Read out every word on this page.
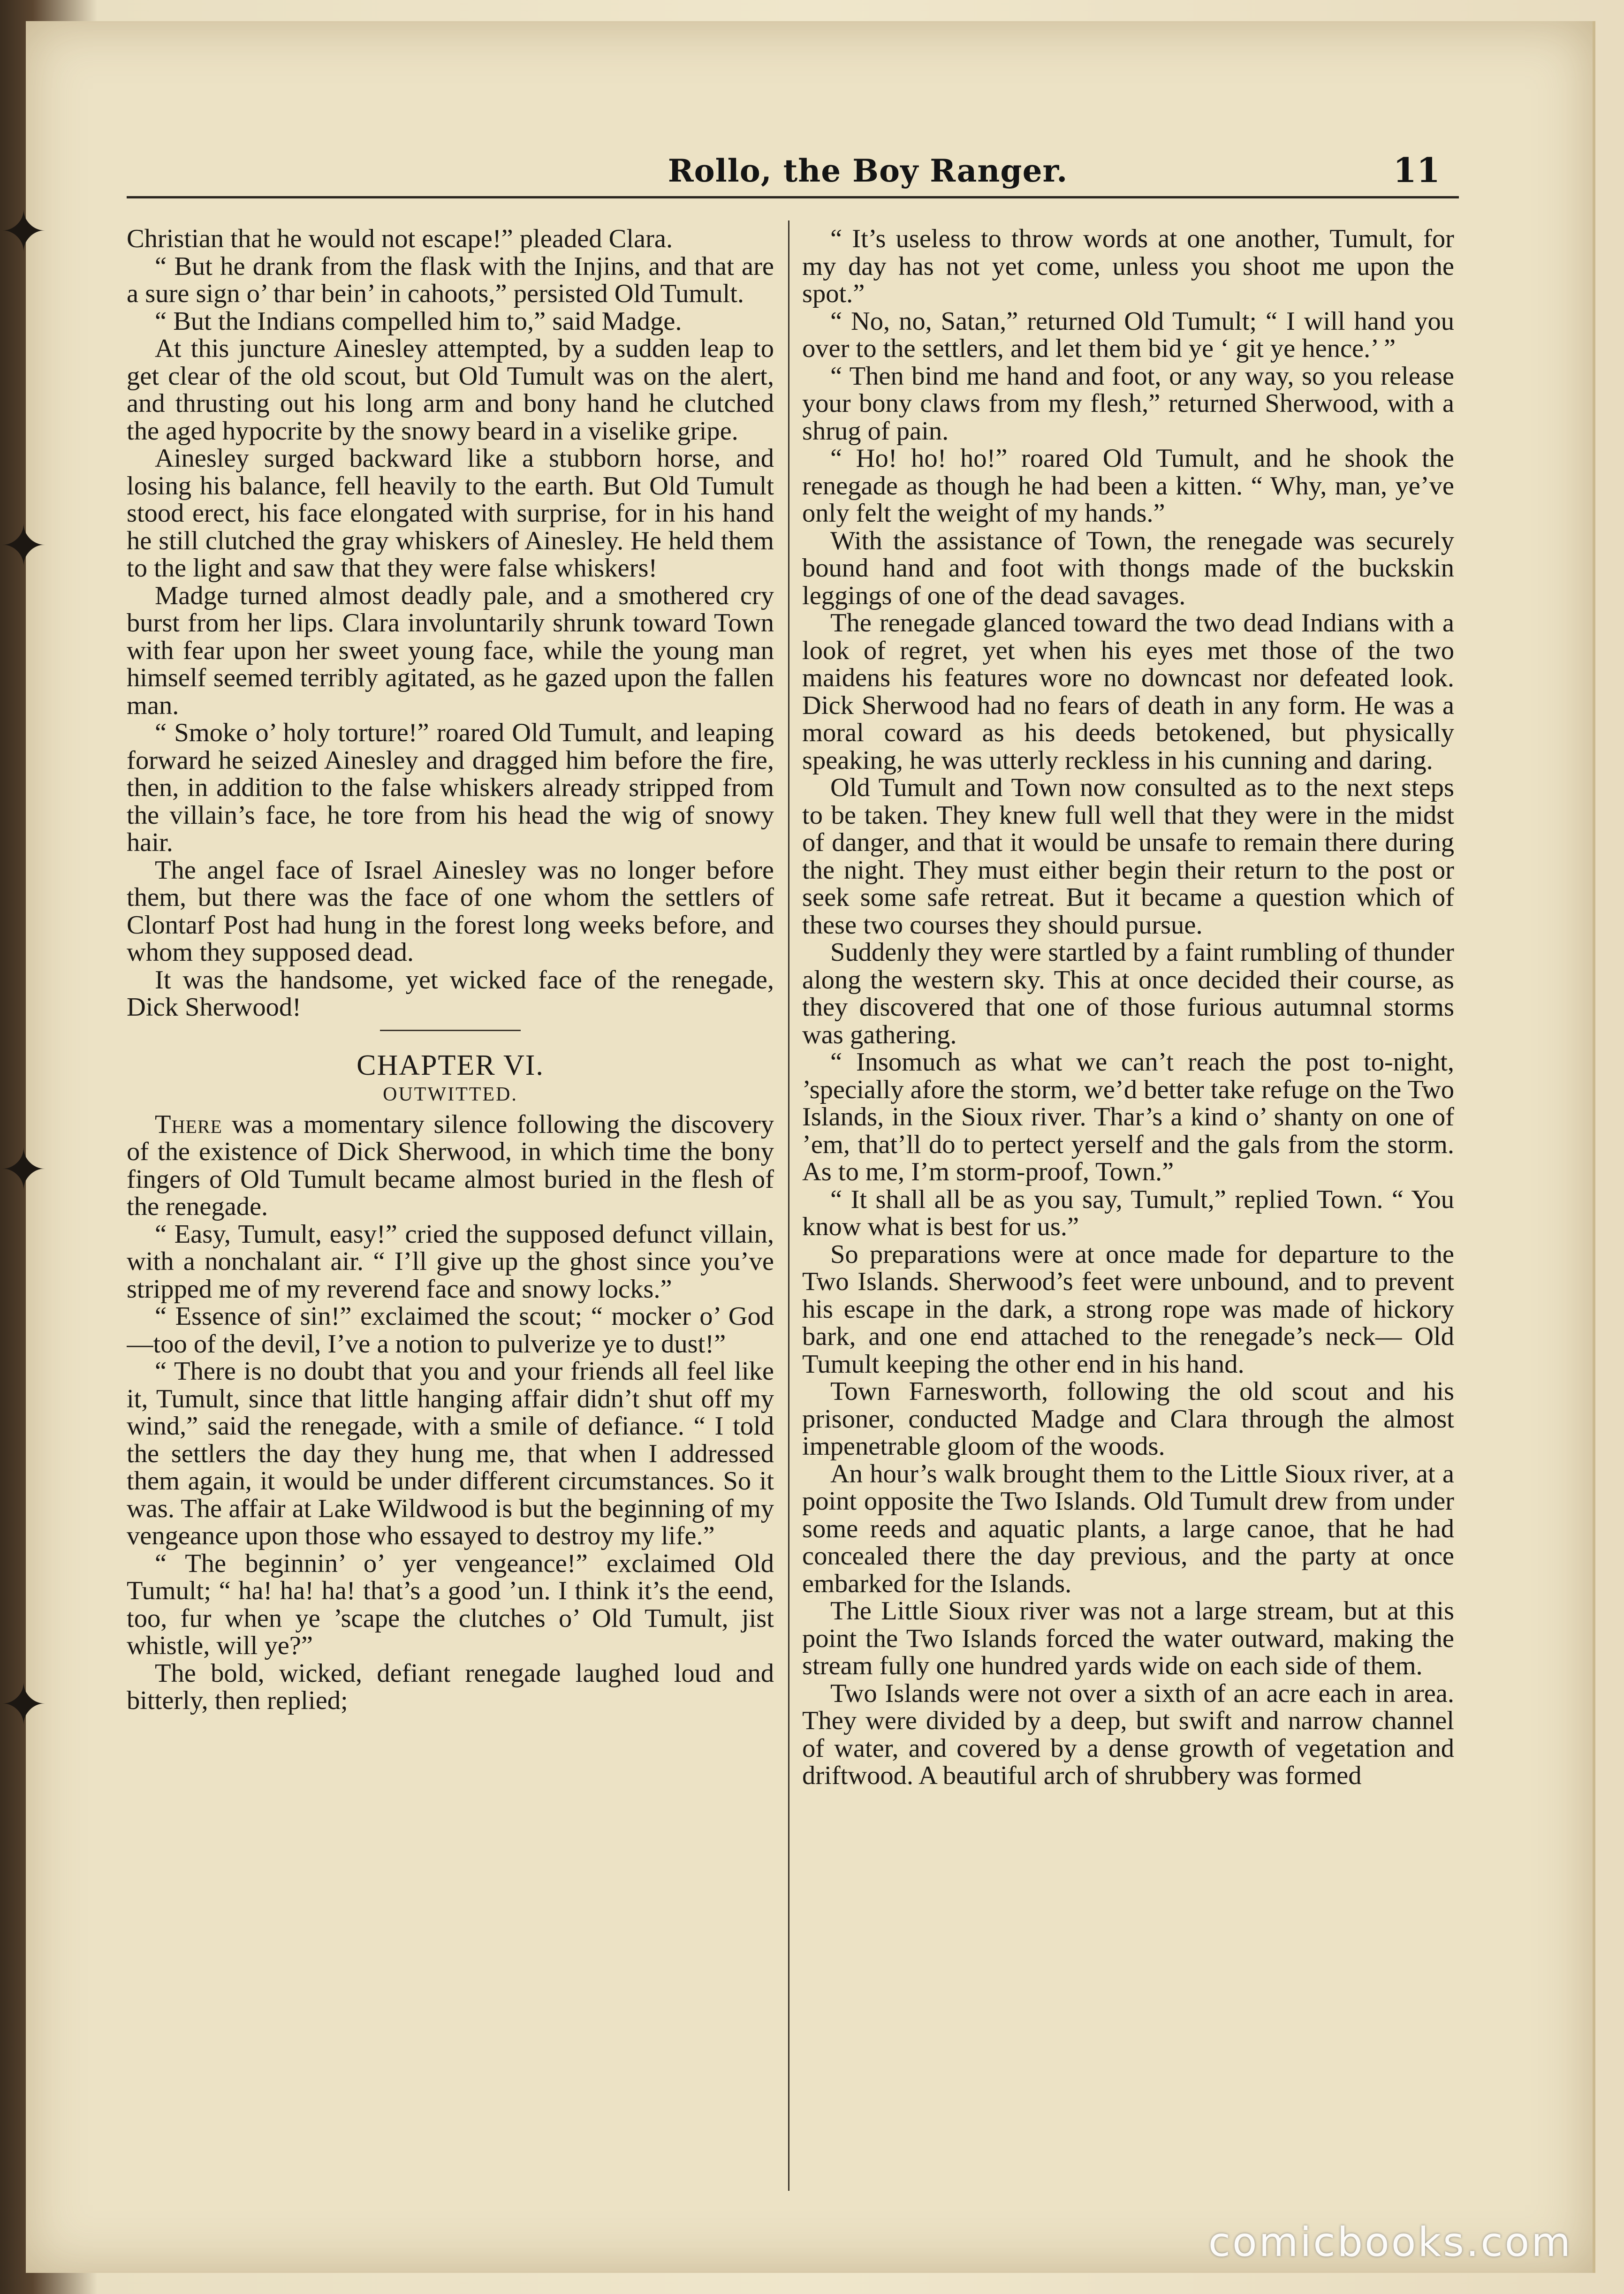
✦
✦
✦
✦
Rollo, the Boy Ranger.	11

Christian that he would not escape!” pleaded Clara.

“ But he drank from the flask with the Injins, and that are a sure sign o’ thar bein’ in cahoots,” persisted Old Tumult.

“ But the Indians compelled him to,” said Madge.

At this juncture Ainesley attempted, by a sudden leap to get clear of the old scout, but Old Tumult was on the alert, and thrusting out his long arm and bony hand he clutched the aged hypocrite by the snowy beard in a viselike gripe.

Ainesley surged backward like a stubborn horse, and losing his balance, fell heavily to the earth. But Old Tumult stood erect, his face elongated with surprise, for in his hand he still clutched the gray whiskers of Ainesley. He held them to the light and saw that they were false whiskers!

Madge turned almost deadly pale, and a smothered cry burst from her lips. Clara involuntarily shrunk toward Town with fear upon her sweet young face, while the young man himself seemed terribly agitated, as he gazed upon the fallen man.

“ Smoke o’ holy torture!” roared Old Tumult, and leaping forward he seized Ainesley and dragged him before the fire, then, in addition to the false whiskers already stripped from the villain’s face, he tore from his head the wig of snowy hair.

The angel face of Israel Ainesley was no longer before them, but there was the face of one whom the settlers of Clontarf Post had hung in the forest long weeks before, and whom they supposed dead.

It was the handsome, yet wicked face of the renegade, Dick Sherwood!

CHAPTER VI.
OUTWITTED.

There was a momentary silence following the discovery of the existence of Dick Sherwood, in which time the bony fingers of Old Tumult became almost buried in the flesh of the renegade.

“ Easy, Tumult, easy!” cried the supposed defunct villain, with a nonchalant air. “ I’ll give up the ghost since you’ve stripped me of my reverend face and snowy locks.”

“ Essence of sin!” exclaimed the scout; “ mocker o’ God—too of the devil, I’ve a notion to pulverize ye to dust!”

“ There is no doubt that you and your friends all feel like it, Tumult, since that little hanging affair didn’t shut off my wind,” said the renegade, with a smile of defiance. “ I told the settlers the day they hung me, that when I addressed them again, it would be under different circumstances. So it was. The affair at Lake Wildwood is but the beginning of my vengeance upon those who essayed to destroy my life.”

“ The beginnin’ o’ yer vengeance!” exclaimed Old Tumult; “ ha! ha! ha! that’s a good ’un. I think it’s the eend, too, fur when ye ’scape the clutches o’ Old Tumult, jist whistle, will ye?”

The bold, wicked, defiant renegade laughed loud and bitterly, then replied;

“ It’s useless to throw words at one another, Tumult, for my day has not yet come, unless you shoot me upon the spot.”

“ No, no, Satan,” returned Old Tumult; “ I will hand you over to the settlers, and let them bid ye ‘ git ye hence.’ ”

“ Then bind me hand and foot, or any way, so you release your bony claws from my flesh,” returned Sherwood, with a shrug of pain.

“ Ho! ho! ho!” roared Old Tumult, and he shook the renegade as though he had been a kitten. “ Why, man, ye’ve only felt the weight of my hands.”

With the assistance of Town, the renegade was securely bound hand and foot with thongs made of the buckskin leggings of one of the dead savages.

The renegade glanced toward the two dead Indians with a look of regret, yet when his eyes met those of the two maidens his features wore no downcast nor defeated look. Dick Sherwood had no fears of death in any form. He was a moral coward as his deeds betokened, but physically speaking, he was utterly reckless in his cunning and daring.

Old Tumult and Town now consulted as to the next steps to be taken. They knew full well that they were in the midst of danger, and that it would be unsafe to remain there during the night. They must either begin their return to the post or seek some safe retreat. But it became a question which of these two courses they should pursue.

Suddenly they were startled by a faint rumbling of thunder along the western sky. This at once decided their course, as they discovered that one of those furious autumnal storms was gathering.

“ Insomuch as what we can’t reach the post to-night, ’specially afore the storm, we’d better take refuge on the Two Islands, in the Sioux river. Thar’s a kind o’ shanty on one of ’em, that’ll do to pertect yerself and the gals from the storm. As to me, I’m storm-proof, Town.”

“ It shall all be as you say, Tumult,” replied Town. “ You know what is best for us.”

So preparations were at once made for departure to the Two Islands. Sherwood’s feet were unbound, and to prevent his escape in the dark, a strong rope was made of hickory bark, and one end attached to the renegade’s neck— Old Tumult keeping the other end in his hand.

Town Farnesworth, following the old scout and his prisoner, conducted Madge and Clara through the almost impenetrable gloom of the woods.

An hour’s walk brought them to the Little Sioux river, at a point opposite the Two Islands. Old Tumult drew from under some reeds and aquatic plants, a large canoe, that he had concealed there the day previous, and the party at once embarked for the Islands.

The Little Sioux river was not a large stream, but at this point the Two Islands forced the water outward, making the stream fully one hundred yards wide on each side of them.

Two Islands were not over a sixth of an acre each in area. They were divided by a deep, but swift and narrow channel of water, and covered by a dense growth of vegetation and driftwood. A beautiful arch of shrubbery was formed

comicbooks.com
